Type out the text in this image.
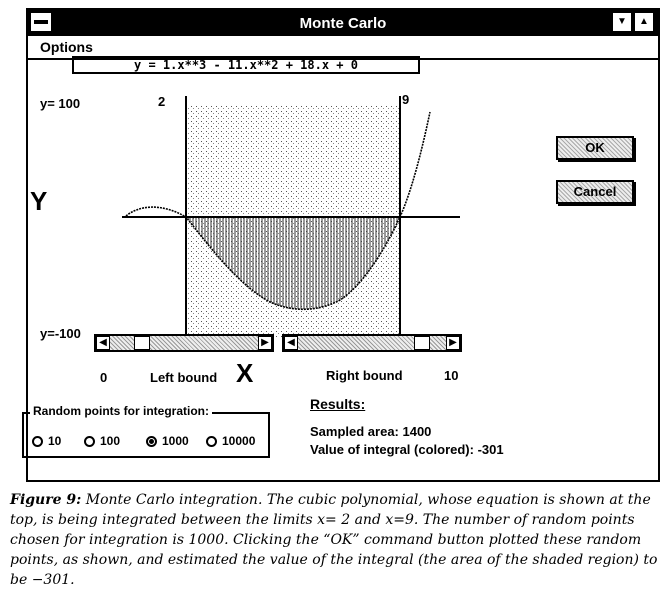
Monte Carlo	▼	▲
Options
y = 1.x**3 - 11.x**2 + 18.x + 0
y= 100
y=-100
2	9
Y
X
OK
Cancel
◀	▶	◀	▶
0	Left bound	Right bound	10
Random points for integration:
10	100	1000	10000
Results:
Sampled area: 1400
Value of integral (colored): -301
Figure 9: Monte Carlo integration. The cubic polynomial, whose equation is shown at the top, is being integrated between the limits x= 2 and x=9. The number of random points chosen for integration is 1000. Clicking the “OK” command button plotted these random points, as shown, and estimated the value of the integral (the area of the shaded region) to be −301.
